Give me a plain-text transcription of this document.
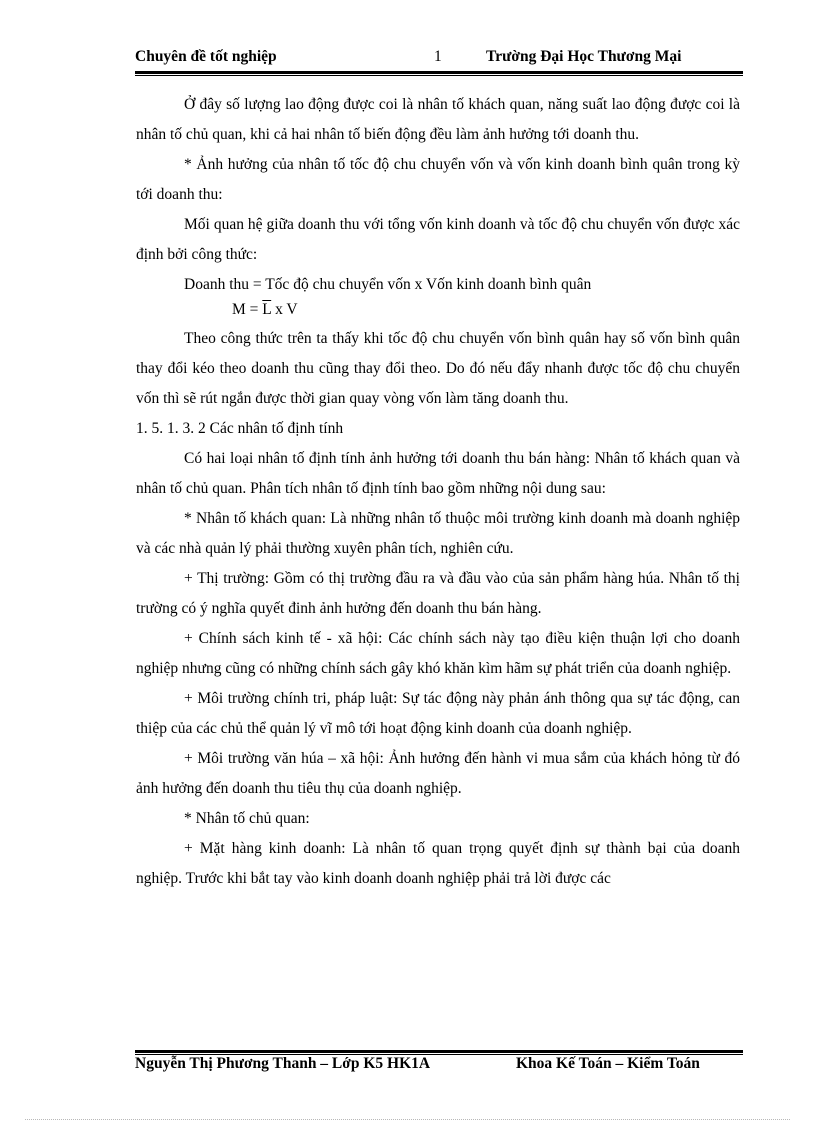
Chuyên đề tốt nghiệp	1	Trường Đại Học Thương Mại

Ở đây số lượng lao động được coi là nhân tố khách quan, năng suất lao động được coi là nhân tố chủ quan, khi cả hai nhân tố biến động đều làm ảnh hưởng tới doanh thu.

* Ảnh hưởng của nhân tố tốc độ chu chuyển vốn và vốn kinh doanh bình quân trong kỳ tới doanh thu:

Mối quan hệ giữa doanh thu với tổng vốn kinh doanh và tốc độ chu chuyển vốn được xác định bởi công thức:

Doanh thu = Tốc độ chu chuyển vốn x Vốn kinh doanh bình quân

$M = \overline{L}$ x V

Theo công thức trên ta thấy khi tốc độ chu chuyển vốn bình quân hay số vốn bình quân thay đổi kéo theo doanh thu cũng thay đổi theo. Do đó nếu đẩy nhanh được tốc độ chu chuyển vốn thì sẽ rút ngắn được thời gian quay vòng vốn làm tăng doanh thu.

1. 5. 1. 3. 2 Các nhân tố định tính

Có hai loại nhân tố định tính ảnh hưởng tới doanh thu bán hàng: Nhân tố khách quan và nhân tố chủ quan. Phân tích nhân tố định tính bao gồm những nội dung sau:

* Nhân tố khách quan: Là những nhân tố thuộc môi trường kinh doanh mà doanh nghiệp và các nhà quản lý phải thường xuyên phân tích, nghiên cứu.

+ Thị trường: Gồm có thị trường đầu ra và đầu vào của sản phẩm hàng húa. Nhân tố thị trường có ý nghĩa quyết đinh ảnh hưởng đến doanh thu bán hàng.

+ Chính sách kinh tế - xã hội: Các chính sách này tạo điều kiện thuận lợi cho doanh nghiệp nhưng cũng có những chính sách gây khó khăn kìm hãm sự phát triển của doanh nghiệp.

+ Môi trường chính tri, pháp luật: Sự tác động này phản ánh thông qua sự tác động, can thiệp của các chủ thể quản lý vĩ mô tới hoạt động kinh doanh của doanh nghiệp.

+ Môi trường văn húa – xã hội: Ảnh hưởng đến hành vi mua sắm của khách hỏng từ đó ảnh hưởng đến doanh thu tiêu thụ của doanh nghiệp.

* Nhân tố chủ quan:

+ Mặt hàng kinh doanh: Là nhân tố quan trọng quyết định sự thành bại của doanh nghiệp. Trước khi bắt tay vào kinh doanh doanh nghiệp phải trả lời được các

Nguyễn Thị Phương Thanh – Lớp K5 HK1A	Khoa Kế Toán – Kiểm Toán
